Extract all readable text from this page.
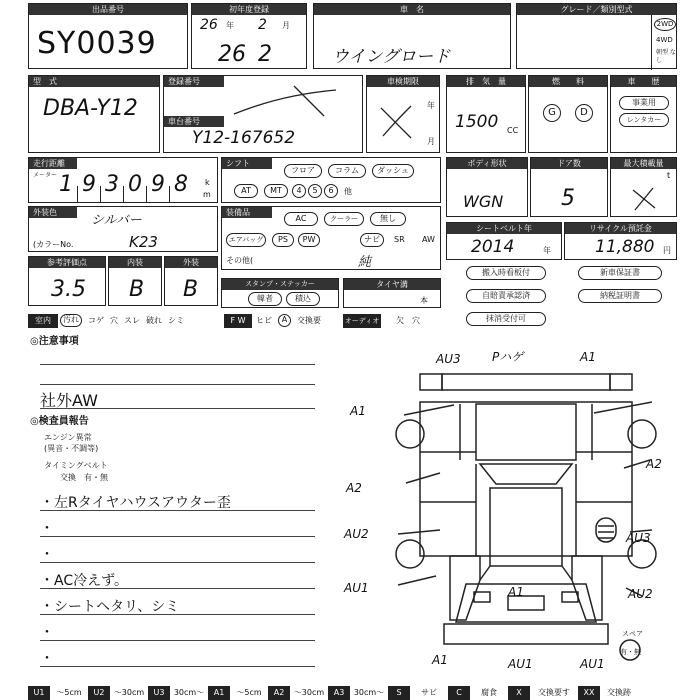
出品番号
SY0039
初年度登録
26 年 2 月
26 2
車　名
ウイングロード
グレード／類別型式
2WD
4WD
朝型 なし
型　式
DBA-Y12
登録番号
車台番号
Y12-167652
車検期限
年
月
排　気　量
1500 CC
燃　　料
G	D
車　　歴
事業用
レンタカー
走行距離
メーター
k
m
1 9 3 0 9 8
シフト
フロア	コラム	ダッシュ
AT	MT	4	5	6	他
ボディ形状
WGN
ドア数
5
最大積載量
t
外装色
シルバー
(カラーNo.	K23
装備品
AC	クーラー	無し
エアバッグ	PS	PW	ナビ	SR AW
その他(	純
シートベルト年
2014	年
リサイクル預託金
11,880 円
参考評価点
3.5
内装
B
外装
B	スタンプ・ステッカー
韓者	積込
タイヤ溝
本
搬入時看板付
自賠責承認済
抹消受付可
新車保証書
納税証明書
室内	汚れ	コゲ 穴 スレ 破れ シミ	F W	ヒビ	A	交換要	オーディオ 欠 穴
◎注意事項
社外AW
◎検査員報告
エンジン異常 (異音・不調等)
タイミングベルト
交換　有・無
AU3	Pハゲ	A1
A1
A2
AU2
AU1
A2
AU3
AU2
A1
A1	AU1	AU1
スペア
有・無
U1	〜5cm	U2	〜30cm	U3	30cm〜	A1	〜5cm	A2	〜30cm	A3	30cm〜	S	サビ	C	腐食	X	交換要す	XX	交換跡
・左Rタイヤハウスアウター歪
・
・
・AC冷えず。
・シートヘタリ、シミ
・
・
